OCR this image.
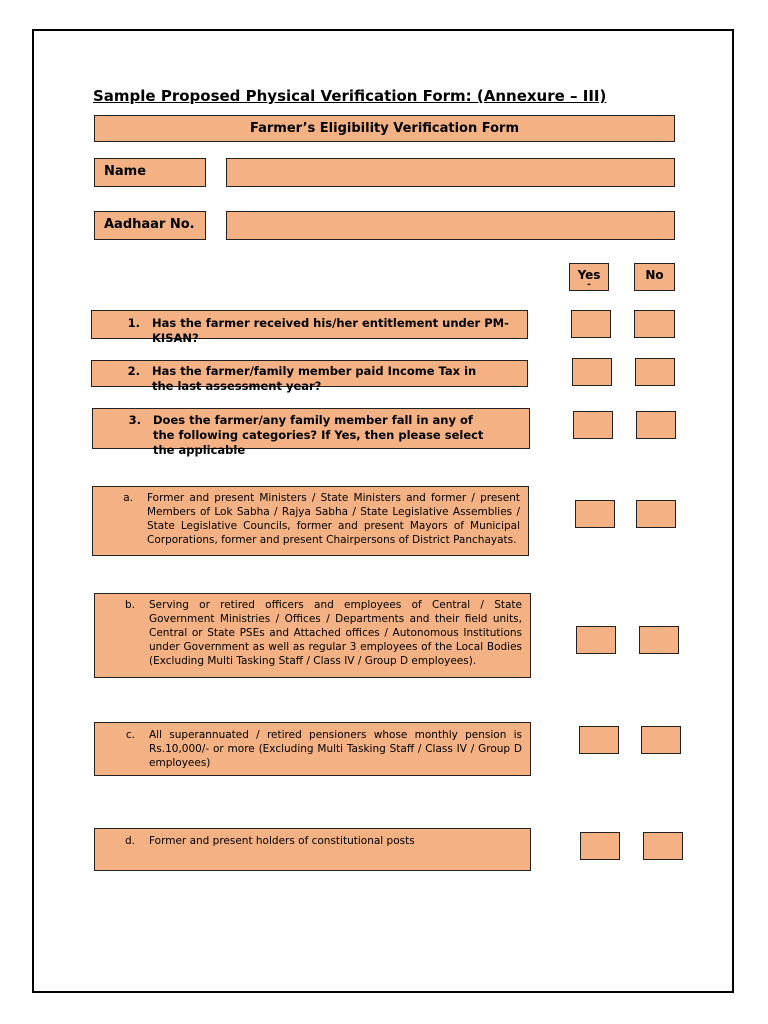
Sample Proposed Physical Verification Form: (Annexure – III)
Farmer’s Eligibility Verification Form
Name
Aadhaar No.
Yes
-
No
1. Has the farmer received his/her entitlement under PM-KISAN?
2. Has the farmer/family member paid Income Tax in the last assessment year?
3. Does the farmer/any family member fall in any of the following categories? If Yes, then please select the applicable
a. Former and present Ministers / State Ministers and former / present Members of Lok Sabha / Rajya Sabha / State Legislative Assemblies / State Legislative Councils, former and present Mayors of Municipal Corporations, former and present Chairpersons of District Panchayats.
b. Serving or retired officers and employees of Central / State Government Ministries / Offices / Departments and their field units, Central or State PSEs and Attached offices / Autonomous Institutions under Government as well as regular 3 employees of the Local Bodies (Excluding Multi Tasking Staff / Class IV / Group D employees).
c. All superannuated / retired pensioners whose monthly pension is Rs.10,000/- or more (Excluding Multi Tasking Staff / Class IV / Group D employees)
d. Former and present holders of constitutional posts
